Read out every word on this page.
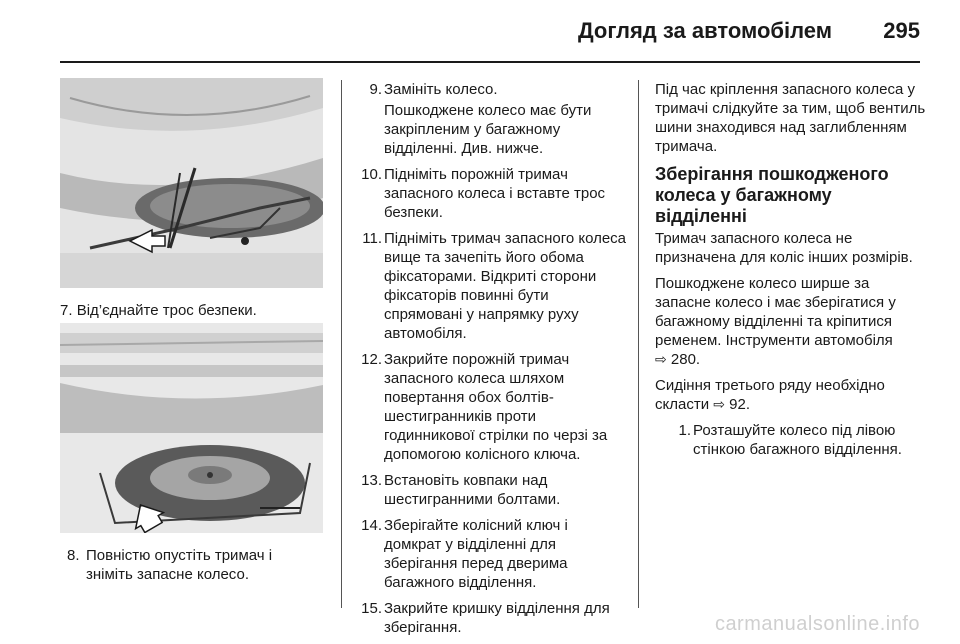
Догляд за автомобілем 295
7. Від’єднайте трос безпеки.
8. Повністю опустіть тримач і
зніміть запасне колесо.
9. Замініть колесо.

Пошкоджене колесо має бути закріпленим у багажному відділенні. Див. нижче.

10. Підніміть порожній тримач запасного колеса і вставте трос безпеки.
11. Підніміть тримач запасного колеса вище та зачепіть його обома фіксаторами. Відкриті сторони фіксаторів повинні бути спрямовані у напрямку руху автомобіля.
12. Закрийте порожній тримач запасного колеса шляхом повертання обох болтів-шестигранників проти годинникової стрілки по черзі за допомогою колісного ключа.
13. Встановіть ковпаки над шестигранними болтами.
14. Зберігайте колісний ключ і домкрат у відділенні для зберігання перед дверима багажного відділення.
15. Закрийте кришку відділення для зберігання.

Під час кріплення запасного колеса у тримачі слідкуйте за тим, щоб вентиль шини знаходився над заглибленням тримача.

Зберігання пошкодженого колеса у багажному відділенні

Тримач запасного колеса не призначена для коліс інших розмірів.

Пошкоджене колесо ширше за запасне колесо і має зберігатися у багажному відділенні та кріпитися ременем. Інструменти автомобіля
⇨ 280.

Сидіння третього ряду необхідно скласти ⇨ 92.

1. Розташуйте колесо під лівою стінкою багажного відділення.
carmanualsonline.info
